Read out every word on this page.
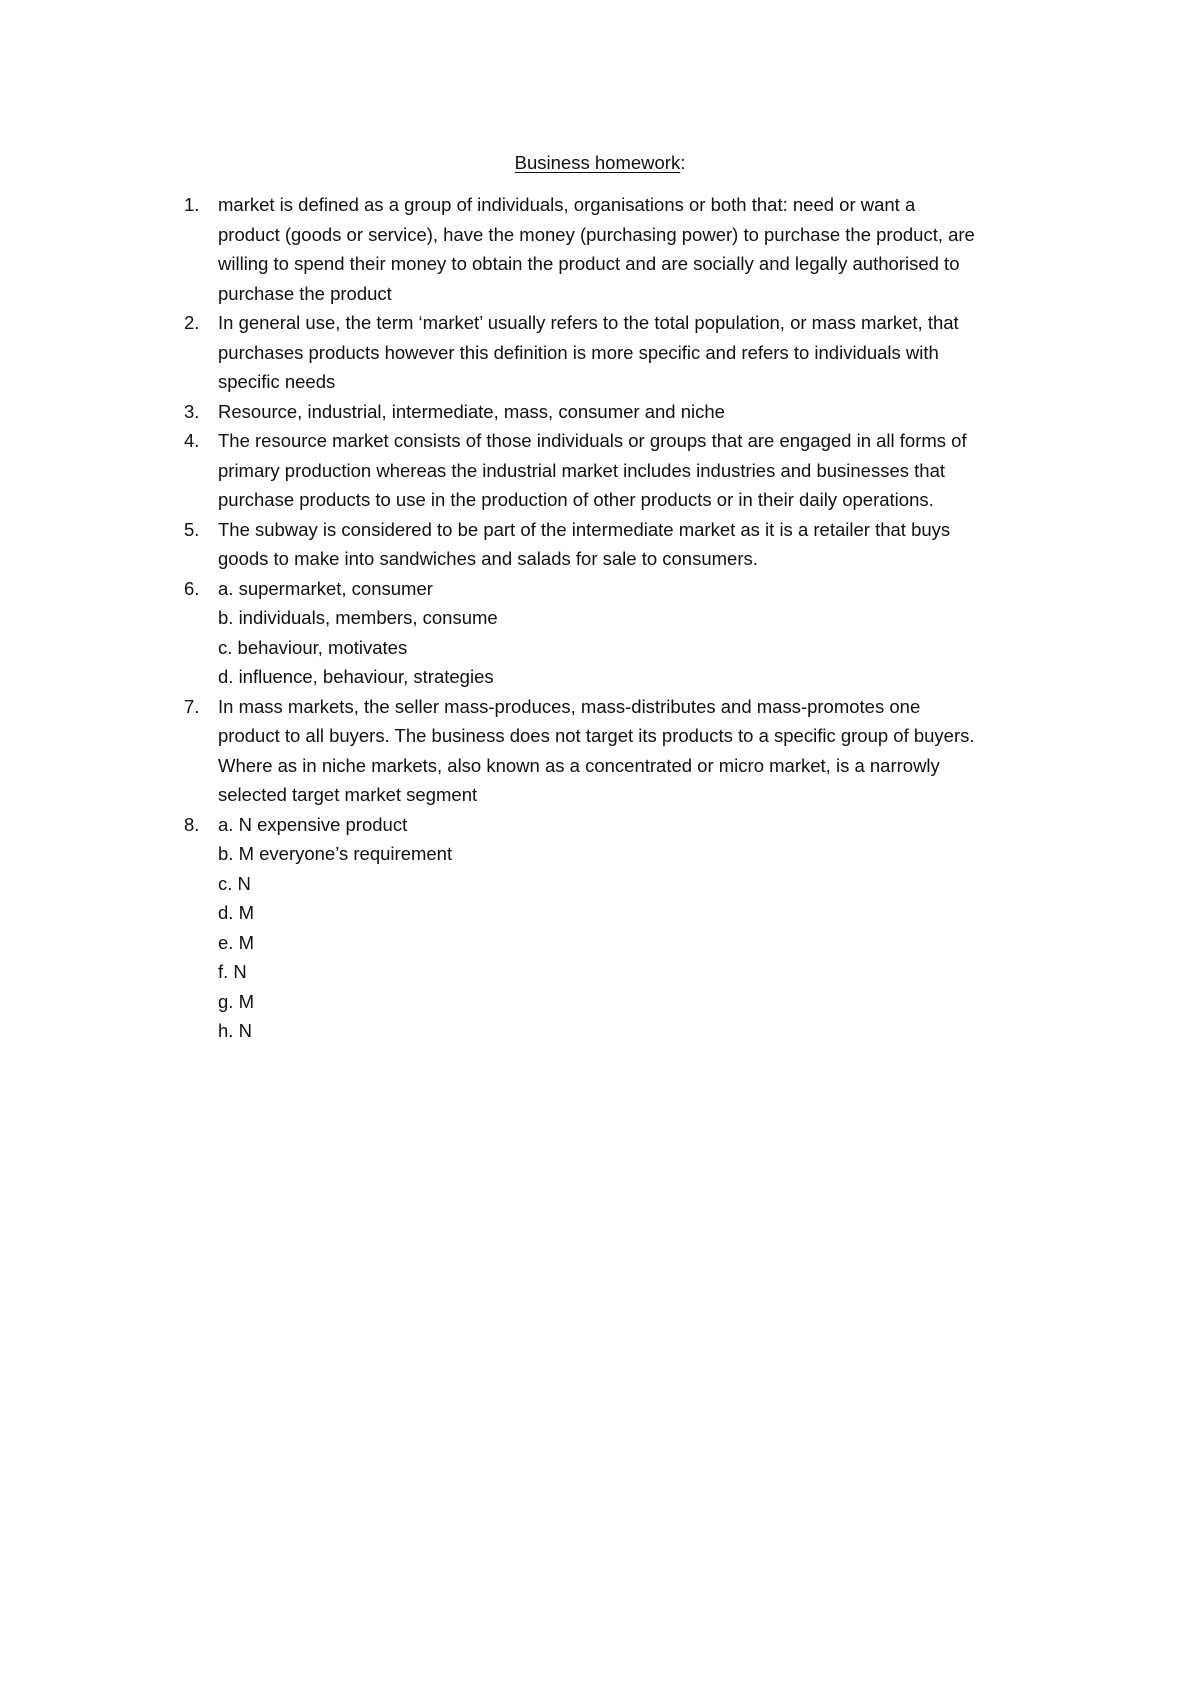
Business homework:
1.	market is defined as a group of individuals, organisations or both that: need or want a
product (goods or service), have the money (purchasing power) to purchase the product, are
willing to spend their money to obtain the product and are socially and legally authorised to
purchase the product
2.	In general use, the term ‘market’ usually refers to the total population, or mass market, that
purchases products however this definition is more specific and refers to individuals with
specific needs
3.	Resource, industrial, intermediate, mass, consumer and niche
4.	The resource market consists of those individuals or groups that are engaged in all forms of
primary production whereas the industrial market includes industries and businesses that
purchase products to use in the production of other products or in their daily operations.
5.	The subway is considered to be part of the intermediate market as it is a retailer that buys
goods to make into sandwiches and salads for sale to consumers.
6.	a. supermarket, consumer
b. individuals, members, consume
c. behaviour, motivates
d. influence, behaviour, strategies
7.	In mass markets, the seller mass-produces, mass-distributes and mass-promotes one
product to all buyers. The business does not target its products to a specific group of buyers.
Where as in niche markets, also known as a concentrated or micro market, is a narrowly
selected target market segment
8.	a. N expensive product
b. M everyone’s requirement
c. N
d. M
e. M
f. N
g. M
h. N
